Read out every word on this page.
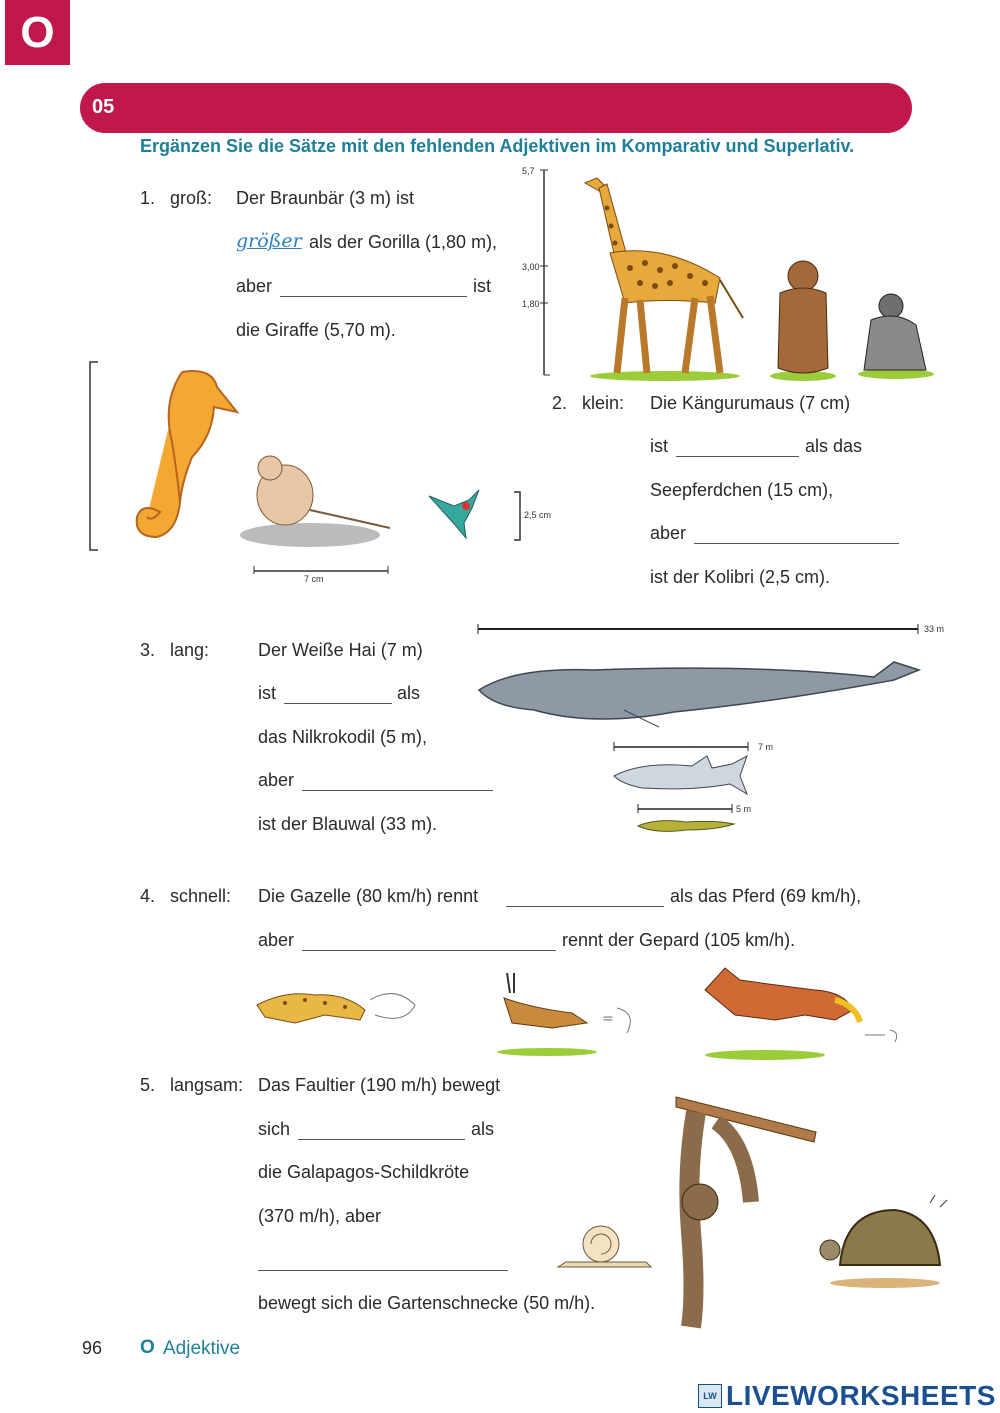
O
05
Ergänzen Sie die Sätze mit den fehlenden Adjektiven im Komparativ und Superlativ.
1. groß: Der Braunbär (3 m) ist
größer als der Gorilla (1,80 m),
aber	ist
die Giraffe (5,70 m).
2. klein: Die Kängurumaus (7 cm)
ist	als das
Seepferdchen (15 cm),
aber
ist der Kolibri (2,5 cm).
3. lang:	Der Weiße Hai (7 m)
ist	als
das Nilkrokodil (5 m),
aber
ist der Blauwal (33 m).
4. schnell: Die Gazelle (80 km/h) rennt	als das Pferd (69 km/h),
aber	rennt der Gepard (105 km/h).
5. langsam: Das Faultier (190 m/h) bewegt
sich	als
die Galapagos-Schildkröte
(370 m/h), aber
bewegt sich die Gartenschnecke (50 m/h).
5,7
3,00
1,80
7 cm
2,5 cm
33 m
7 m
5 m
=
96 O Adjektive
LW LIVEWORKSHEETS
